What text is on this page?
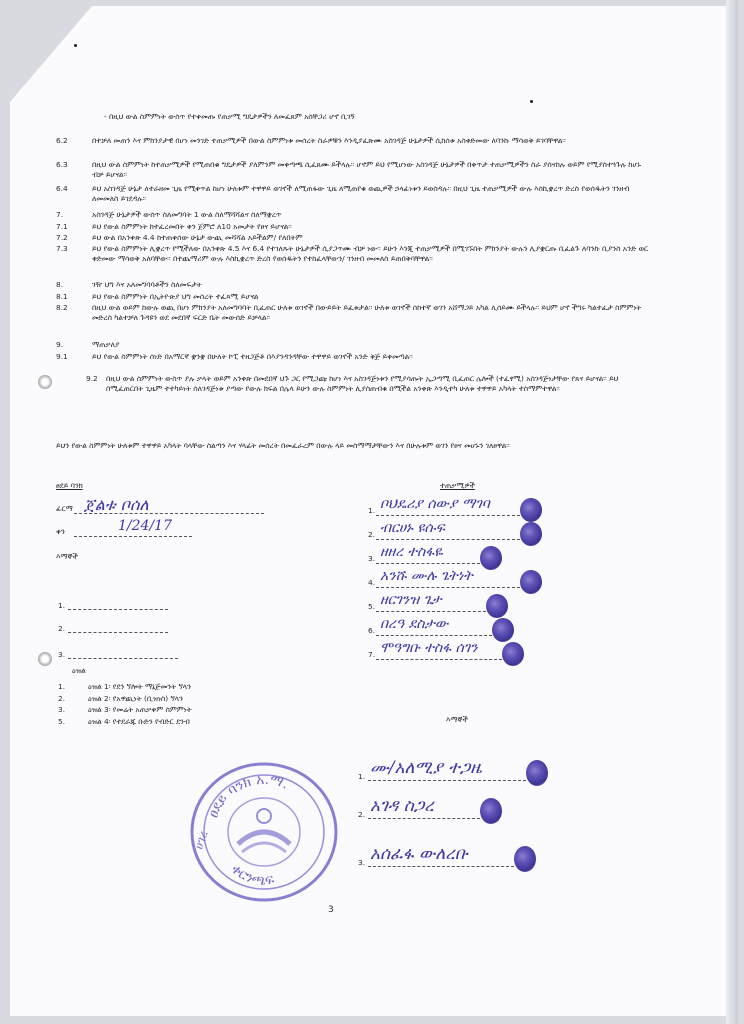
- በዚህ ውል ስምምነት ውስጥ የተቀመጡ የጠቃሚ ግዴታዎችን ለመፈጸም አስቸጋሪ ሆኖ ቢገኝ
6.2	በተቻለ መጠን እና ምክንያታዊ በሆነ መንገድ ተጠቃሚዎች በውል ስምምነቱ መሰረት ስራዎቹን እንዲያፈጽሙ አስገዳጅ ሁኔታዎች ሲከሰቱ አስቀድመው ለባንኩ ማሳወቅ ይገባቸዋል፡፡
6.3	በዚህ ውል ስምምነት ከተጠቃሚዎች የሚጠበቁ ግዴታዎች ያለምንም መቀጣጫ ሲፈጸሙ ይችላሉ፡፡ ሆኖም ይህ የሚሆነው አስገዳጅ ሁኔታዎች በቀጥታ ተጠቃሚዎችን ስራ ያሰናከሉ ወይም የሚያስተጓጉሉ ከሆኑ ብቻ ይሆናል፡፡
6.4	ይህ አስገዳጅ ሁኔታ ለተራዘመ ጊዜ የሚቀጥል ከሆነ ሁለቱም ተዋዋይ ወገኖች ለሚጠፋው ጊዜ ለሚጠየቁ ወጪዎች ኃላፊነቱን ይወስዳሉ፡፡ በዚህ ጊዜ ተጠቃሚዎች ውሉ እስኪቋረጥ ድረስ የወሰዱትን ገንዘብ ለመመለስ ይገደዳሉ፡፡
7.	አስገዳጅ ሁኔታዎች ውስጥ ስለመግባት 1 ውል ስለማሻሻልና ስለማቋረጥ
7.1	ይህ የውል ስምምነት ከተፈረመበት ቀን ጀምሮ ለ10 አመታት የፀና ይሆናል፡፡
7.2	ይህ ውል በአንቀጽ 4.4 ከተጠቀሰው ሁኔታ ውጪ መሻሻል አይችልም/ የለበትም
7.3	ይህ የውል ስምምነት ሊቋረጥ የሚችለው በአንቀጽ 4.5 እና 6.4 የተገለጹት ሁኔታዎች ሲያጋጥሙ ብቻ ነው፡፡ ይሁን እንጂ ተጠቃሚዎች በሚገኙበት ምክንያት ውሉን ሊያቋርጡ ቢፈልጉ ለባንኩ ቢያንስ አንድ ወር ቀድመው ማሳወቅ አለባቸው፡፡ በተጨማሪም ውሉ እስኪቋረጥ ድረስ የወሰዱትን የተከፈላቸውን/ ገንዘብ መመለስ ይጠበቅባቸዋል፡፡
8.	ገዥ ህግ እና አለመግባባቶችን ስለመፍታት
8.1	ይህ የውል ስምምነት በኢትዮጵያ ህግ መሰረት ተፈጻሚ ይሆናል
8.2	በዚህ ውል ወይም ከውሉ ወጪ በሆነ ምክንያት አለመግባባት ቢፈጠር ሁለቱ ወገኖች በውይይት ይፈቱታል፡፡ ሁለቱ ወገኖች ሰከተኛ ወገን አሸማጋይ አካል ሊሰይሙ ይችላሉ፡፡ ይህም ሆኖ ችግሩ ካልተፈታ ስምምነት መድረስ ካልተቻለ ጉዳዩን ወደ መደበኛ ፍርድ ቤት መውሰድ ይቻላል፡፡
9.	ማጠቃለያ
9.1	ይህ የውል ስምምነት ሰነድ በአማርኛ ቋንቋ በሁለት ኮፒ ተዘጋጅቶ በእያንዳንዳቸው ተዋዋይ ወገኖች አንድ ቅጅ ይቀመጣል፡፡
9.2 በዚህ ውል ስምምነት ውስጥ ያሉ ቃላት ወይም አንቀጽ በመደበኛ ህጉ ጋር የሚጋጩ ከሆነ እና አስገዳጅነቱን የሚያሳጡት ኢጋጣሚ ቢፈጠር ሌሎች (ተፈፃሚ) አስገዳጅነታቸው የጸና ይሆናል፡፡ ይህ በሚፈጠርበት ጊዜም ተተካይነት ስለገዳጅነቱ ያጣው የውሉ ክፍል በሌላ ይሁን ውሉ ስምምነት ሊያስጠብቁ በሚችል አንቀጽ እንዲተካ ሁለቱ ተዋዋይ አካላት ተስማምተዋል፡፡
ይህን የውል ስምምነት ሁለቱም ተዋዋይ አካላት ባላቸው ስልጣን እና ሃላፊት መሰረት በመፈራረም በውሉ ላይ መስማማታቸውን እና በሁሉቱም ወገን የፀና መሆኑን ገለፀዋል፡፡
ፀደይ ባንክ
ፊርማ ጀልቱ ቦሰለ
ቀን	1/24/17
እማኞች
1.
2.
3.
ዕዝል
1.	ዕዝል 1፡ የደን ኘሎት ማኔጅመንት ኘላን
2.	ዕዝል 2፡ የአዋጪነት (ቢዝነስ) ኘላን
3.	ዕዝል 3፡ የመሬት አጠቃቀም ስምምነት
5.	ዕዝል 4፡ የተደራጁ ቡድን የብድር ደንብ
ተጠቃሚዎች
1. ቦህዴሪያ ሰውያ ማገባ
2. ብርሀኑ ዩሱፍ
3. ዘዘረ ተስፋዬ
4. አንሹ ሙሉ ጌትነት
5. ዘርገንዝ ጌታ
6. በረዓ ደስታው
7. ሞዓግቡ ተስፋ ሰገን
እማኞች
1. ሙ/አለሚያ ተጋዜ
2. አገዳ ስጋረ
3. አሰፈፋ ውለረቡ
ፀደይ ባንክ አ.ማ.
ቀርንጫፍ
ሀገረ
3
